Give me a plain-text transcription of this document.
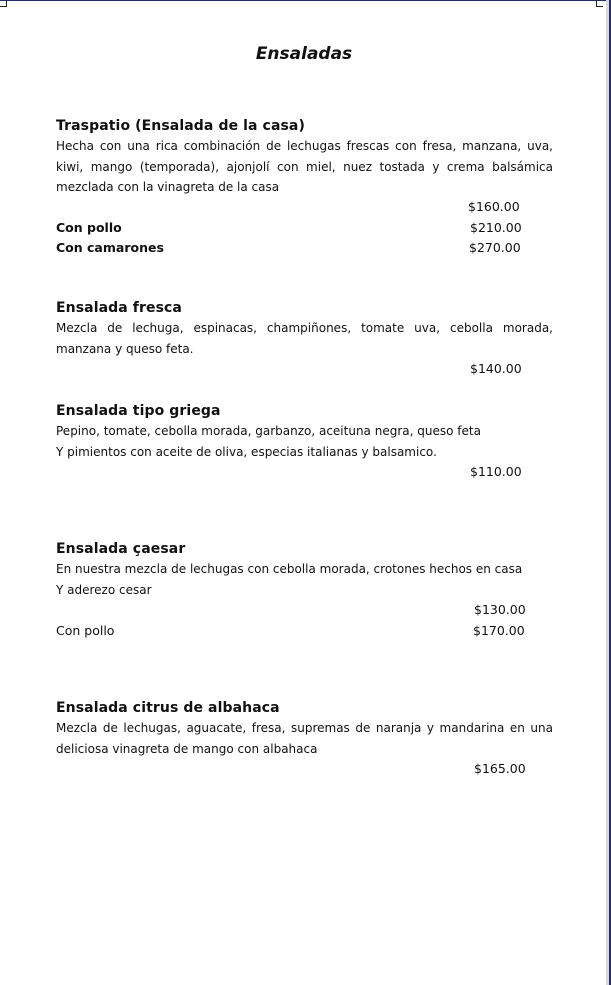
Ensaladas
Traspatio (Ensalada de la casa)
Hecha con una rica combinación de lechugas frescas con fresa, manzana, uva, kiwi, mango (temporada), ajonjolí con miel, nuez tostada y crema balsámica mezclada con la vinagreta de la casa
$160.00
Con pollo	$210.00
Con camarones	$270.00
Ensalada fresca
Mezcla de lechuga, espinacas, champiñones, tomate uva, cebolla morada, manzana y queso feta.
$140.00
Ensalada tipo griega
Pepino, tomate, cebolla morada, garbanzo, aceituna negra, queso feta
Y pimientos con aceite de oliva, especias italianas y balsamico.
$110.00
Ensalada çaesar
En nuestra mezcla de lechugas con cebolla morada, crotones hechos en casa
Y aderezo cesar
$130.00
Con pollo	$170.00
Ensalada citrus de albahaca
Mezcla de lechugas, aguacate, fresa, supremas de naranja y mandarina en una deliciosa vinagreta de mango con albahaca
$165.00
